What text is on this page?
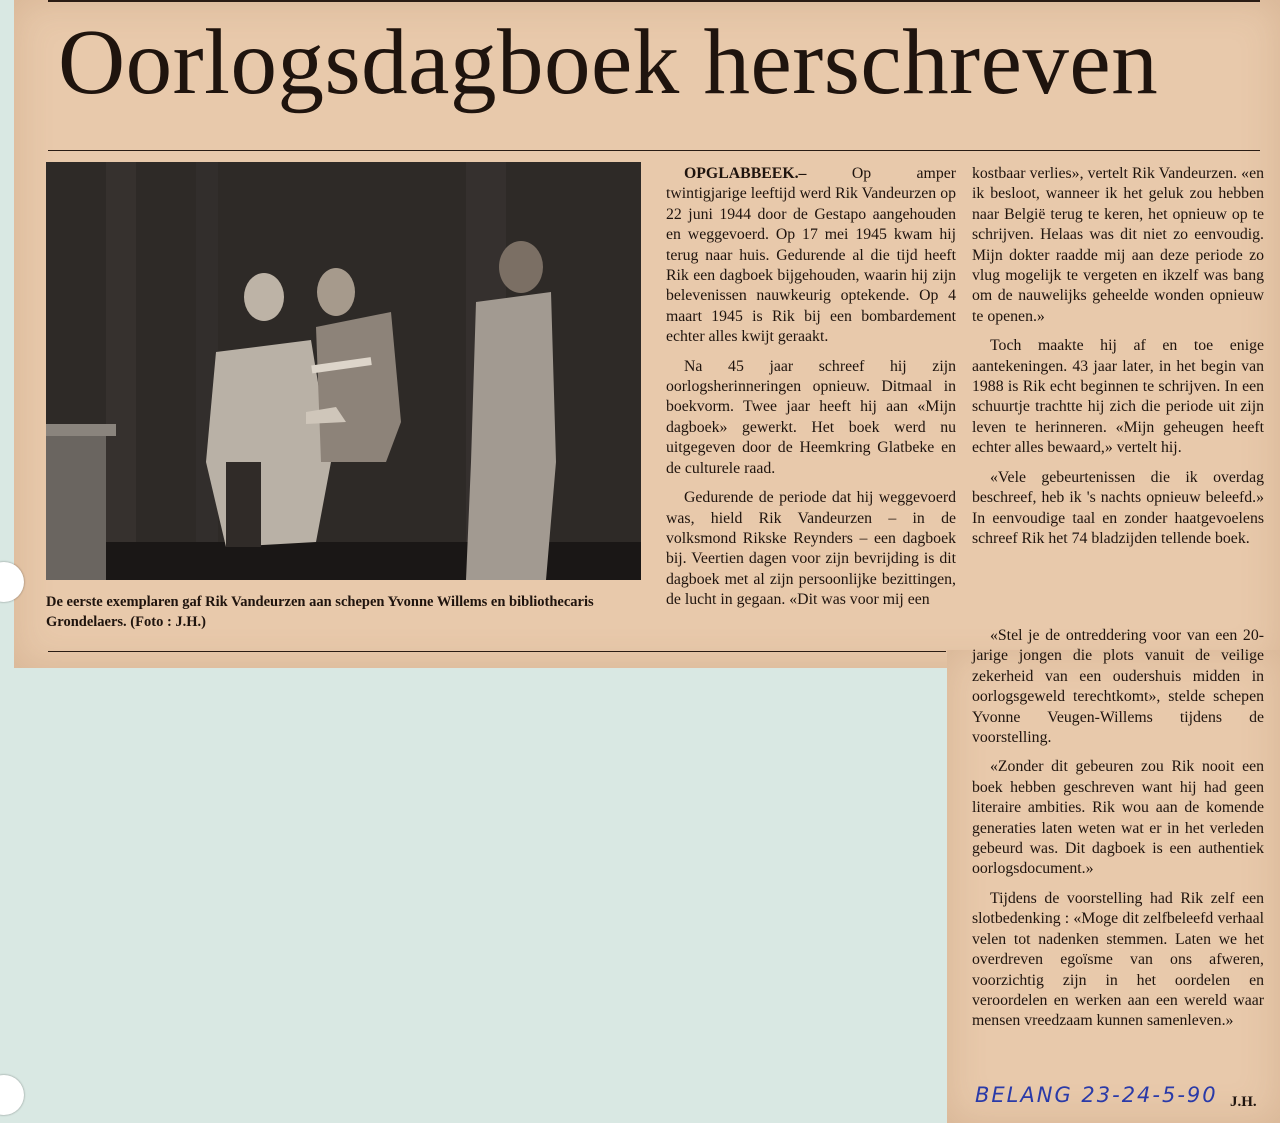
Oorlogsdagboek herschreven

De eerste exemplaren gaf Rik Vandeurzen aan schepen Yvonne Willems en bibliothecaris Grondelaers. (Foto : J.H.)

OPGLABBEEK.–	Op amper twintigjarige leeftijd werd Rik Vandeurzen op 22 juni 1944 door de Gestapo aangehouden en weggevoerd. Op 17 mei 1945 kwam hij terug naar huis. Gedurende al die tijd heeft Rik een dagboek bijgehouden, waarin hij zijn belevenissen nauwkeurig optekende. Op 4 maart 1945 is Rik bij een bombardement echter alles kwijt geraakt.

Na 45 jaar schreef hij zijn oorlogsherinneringen opnieuw. Ditmaal in boekvorm. Twee jaar heeft hij aan «Mijn dagboek» gewerkt. Het boek werd nu uitgegeven door de Heemkring Glatbeke en de culturele raad.

Gedurende de periode dat hij weggevoerd was, hield Rik Vandeurzen – in de volksmond Rikske Reynders – een dagboek bij. Veertien dagen voor zijn bevrijding is dit dagboek met al zijn persoonlijke bezittingen, de lucht in gegaan. «Dit was voor mij een

kostbaar verlies», vertelt Rik Vandeurzen. «en ik besloot, wanneer ik het geluk zou hebben naar België terug te keren, het opnieuw op te schrijven. Helaas was dit niet zo eenvoudig. Mijn dokter raadde mij aan deze periode zo vlug mogelijk te vergeten en ikzelf was bang om de nauwelijks geheelde wonden opnieuw te openen.»

Toch maakte hij af en toe enige aantekeningen. 43 jaar later, in het begin van 1988 is Rik echt beginnen te schrijven. In een schuurtje trachtte hij zich die periode uit zijn leven te herinneren. «Mijn geheugen heeft echter alles bewaard,» vertelt hij.

«Vele gebeurtenissen die ik overdag beschreef, heb ik 's nachts opnieuw beleefd.» In eenvoudige taal en zonder haatgevoelens schreef Rik het 74 bladzijden tellende boek.

«Stel je de ontreddering voor van een 20-jarige jongen die plots vanuit de veilige zekerheid van een oudershuis midden in oorlogsgeweld terechtkomt», stelde schepen Yvonne Veugen-Willems tijdens de voorstelling.

«Zonder dit gebeuren zou Rik nooit een boek hebben geschreven want hij had geen literaire ambities. Rik wou aan de komende generaties laten weten wat er in het verleden gebeurd was. Dit dagboek is een authentiek oorlogsdocument.»

Tijdens de voorstelling had Rik zelf een slotbedenking : «Moge dit zelfbeleefd verhaal velen tot nadenken stemmen. Laten we het overdreven egoïsme van ons afweren, voorzichtig zijn in het oordelen en veroordelen en werken aan een wereld waar mensen vreedzaam kunnen samenleven.»

BELANG 23-24-5-90 J.H.
